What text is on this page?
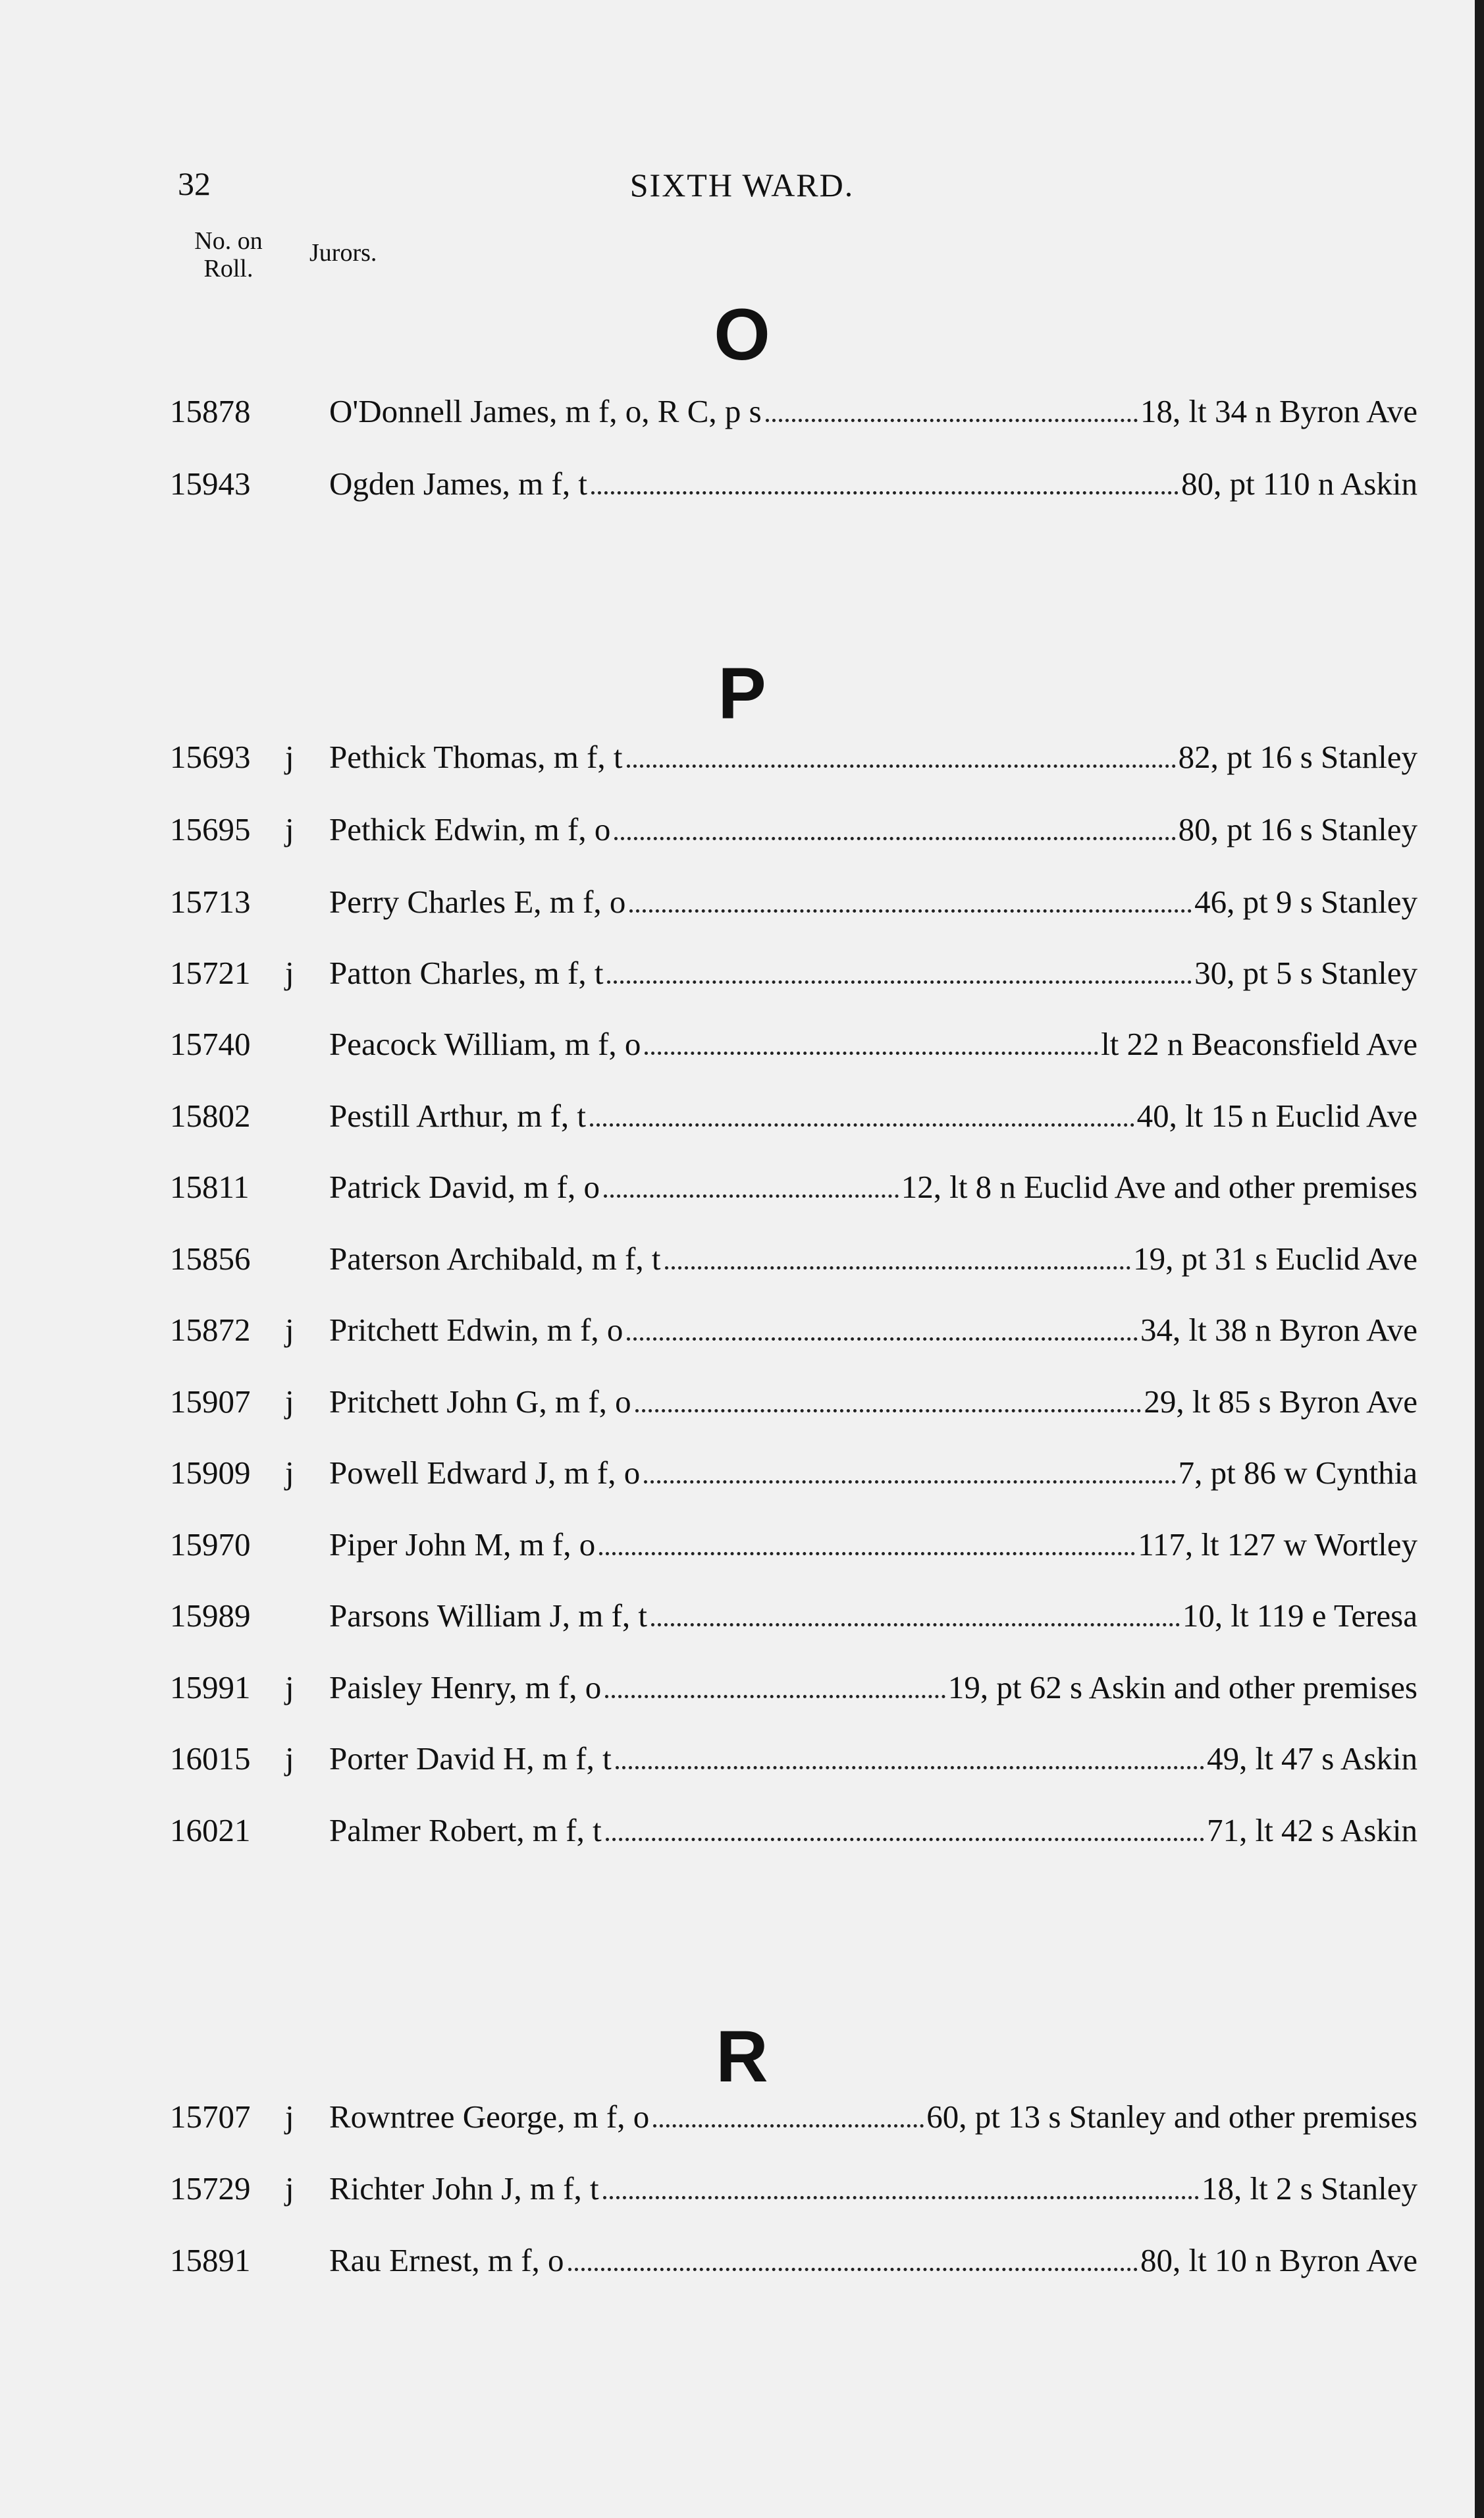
32	SIXTH WARD.
No. on Roll.
Jurors.
O
15878	O'Donnell James, m f, o, R C, p s	18, lt 34 n Byron Ave
15943	Ogden James, m f, t	80, pt 110 n Askin
P
15693	j	Pethick Thomas, m f, t	82, pt 16 s Stanley
15695	j	Pethick Edwin, m f, o	80, pt 16 s Stanley
15713	Perry Charles E, m f, o	46, pt 9 s Stanley
15721	j	Patton Charles, m f, t	30, pt 5 s Stanley
15740	Peacock William, m f, o	lt 22 n Beaconsfield Ave
15802	Pestill Arthur, m f, t	40, lt 15 n Euclid Ave
15811	Patrick David, m f, o	12, lt 8 n Euclid Ave and other premises
15856	Paterson Archibald, m f, t	19, pt 31 s Euclid Ave
15872	j	Pritchett Edwin, m f, o	34, lt 38 n Byron Ave
15907	j	Pritchett John G, m f, o	29, lt 85 s Byron Ave
15909	j	Powell Edward J, m f, o	7, pt 86 w Cynthia
15970	Piper John M, m f, o	117, lt 127 w Wortley
15989	Parsons William J, m f, t	10, lt 119 e Teresa
15991	j	Paisley Henry, m f, o	19, pt 62 s Askin and other premises
16015	j	Porter David H, m f, t	49, lt 47 s Askin
16021	Palmer Robert, m f, t	71, lt 42 s Askin
R
15707	j	Rowntree George, m f, o	60, pt 13 s Stanley and other premises
15729	j	Richter John J, m f, t	18, lt 2 s Stanley
15891	Rau Ernest, m f, o	80, lt 10 n Byron Ave
